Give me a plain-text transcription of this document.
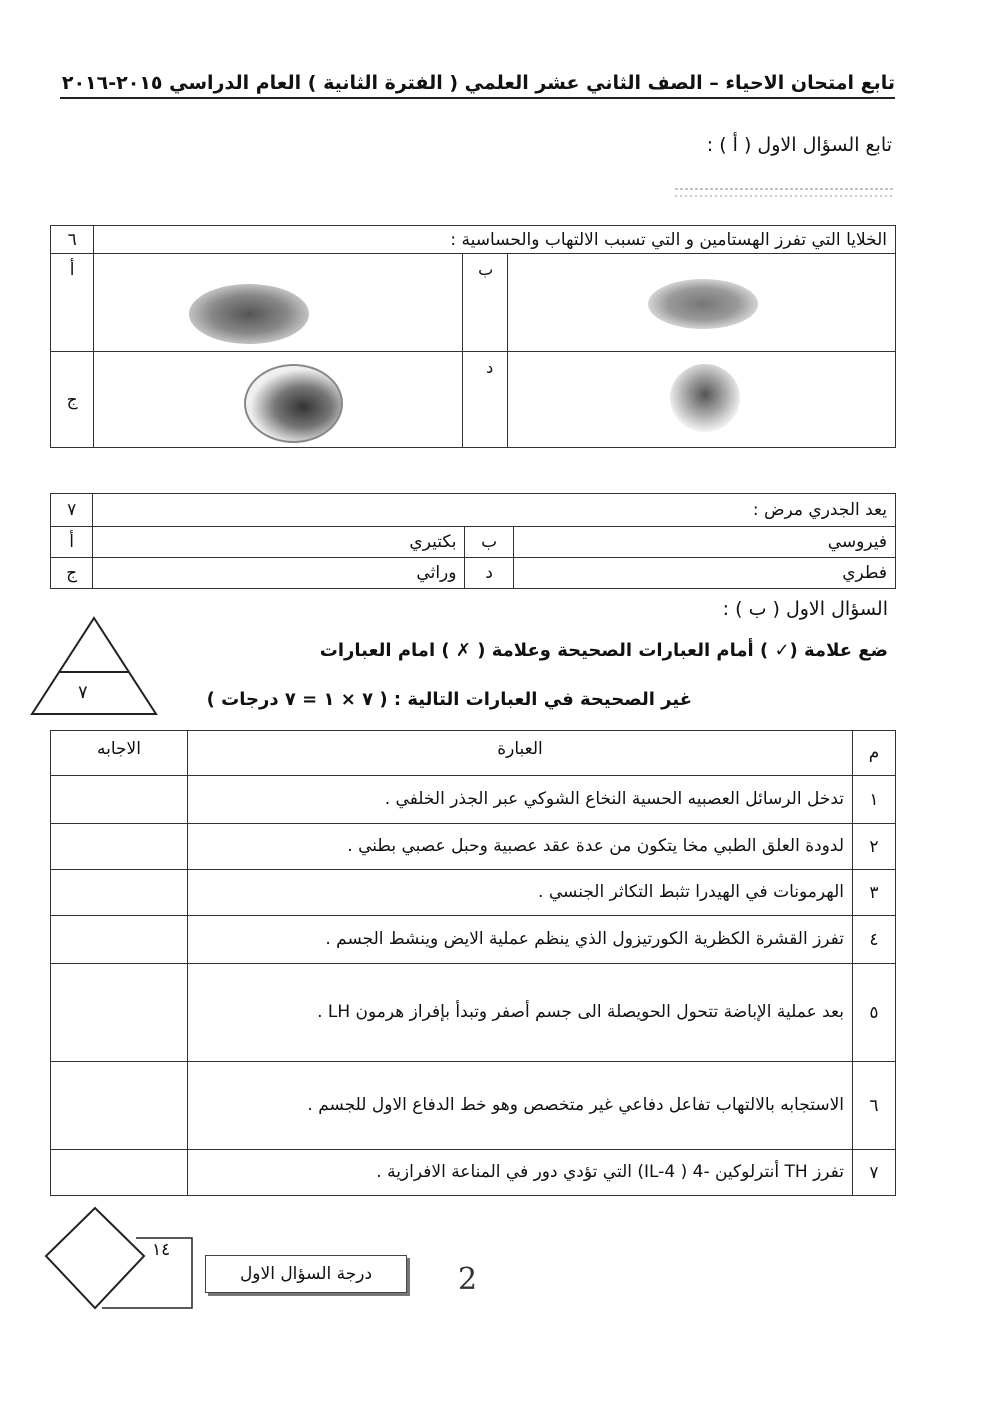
تابع امتحان الاحياء – الصف الثاني عشر العلمي ( الفترة الثانية ) العام الدراسي ٢٠١٥-٢٠١٦
تابع السؤال الاول ( أ ) :
٦	الخلايا التي تفرز الهستامين و التي تسبب الالتهاب والحساسية :		
أ		ب	

ج		د	

٧	يعد الجدري مرض :		
أ	بكتيري	ب	فيروسي
ج	وراثي	د	فطري
السؤال الاول ( ب ) :
٧
ضع علامة (✓ ) أمام العبارات الصحيحة وعلامة ( ✗ ) امام العبارات
غير الصحيحة في العبارات التالية : ( ٧ × ١ = ٧ درجات )
الاجابه	العبارة	م
	تدخل الرسائل العصبيه الحسية النخاع الشوكي عبر الجذر الخلفي .	١
	لدودة العلق الطبي مخا يتكون من عدة عقد عصبية وحبل عصبي بطني .	٢
	الهرمونات في الهيدرا تثبط التكاثر الجنسي .	٣
	تفرز القشرة الكظرية الكورتيزول الذي ينظم عملية الايض وينشط الجسم .	٤
	بعد عملية الإباضة تتحول الحويصلة الى جسم أصفر وتبدأ بإفراز هرمون LH .	٥
	الاستجابه بالالتهاب تفاعل دفاعي غير متخصص وهو خط الدفاع الاول للجسم .	٦
	تفرز TH أنترلوكين -4 ( IL-4) التي تؤدي دور في المناعة الافرازية .	٧
١٤
درجة السؤال الاول	2
